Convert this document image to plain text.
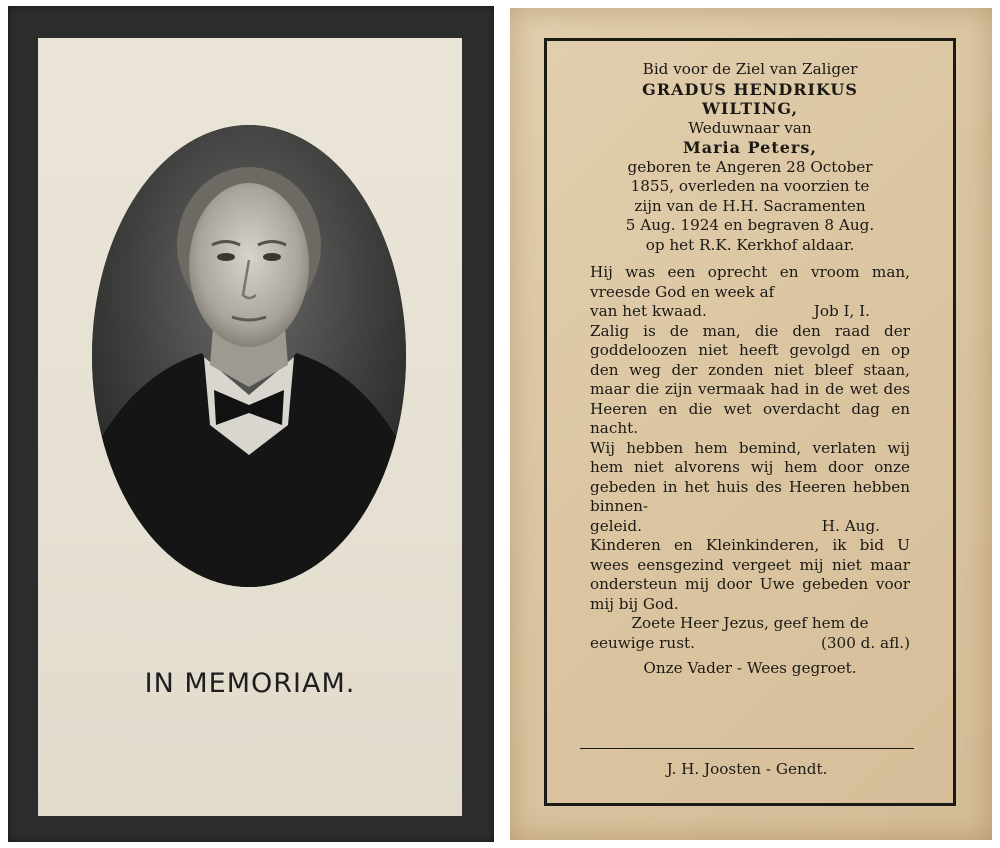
IN MEMORIAM.
Bid voor de Ziel van Zaliger
GRADUS HENDRIKUS
WILTING,
Weduwnaar van
Maria Peters,
geboren te Angeren 28 October
1855, overleden na voorzien te
zijn van de H.H. Sacramenten
5 Aug. 1924 en begraven 8 Aug.
op het R.K. Kerkhof aldaar.
Hij was een oprecht en vroom man, vreesde God en week af
van het kwaad.	Job I, I.
Zalig is de man, die den raad der goddeloozen niet heeft gevolgd en op den weg der zonden niet bleef staan, maar die zijn vermaak had in de wet des Heeren en die wet overdacht dag en nacht.
Wij hebben hem bemind, verlaten wij hem niet alvorens wij hem door onze gebeden in het huis des Heeren hebben binnen-
geleid.	H. Aug.
Kinderen en Kleinkinderen, ik bid U wees eensgezind vergeet mij niet maar ondersteun mij door Uwe gebeden voor mij bij God.
Zoete Heer Jezus, geef hem de
eeuwige rust.	(300 d. afl.)
Onze Vader - Wees gegroet.
J. H. Joosten - Gendt.
